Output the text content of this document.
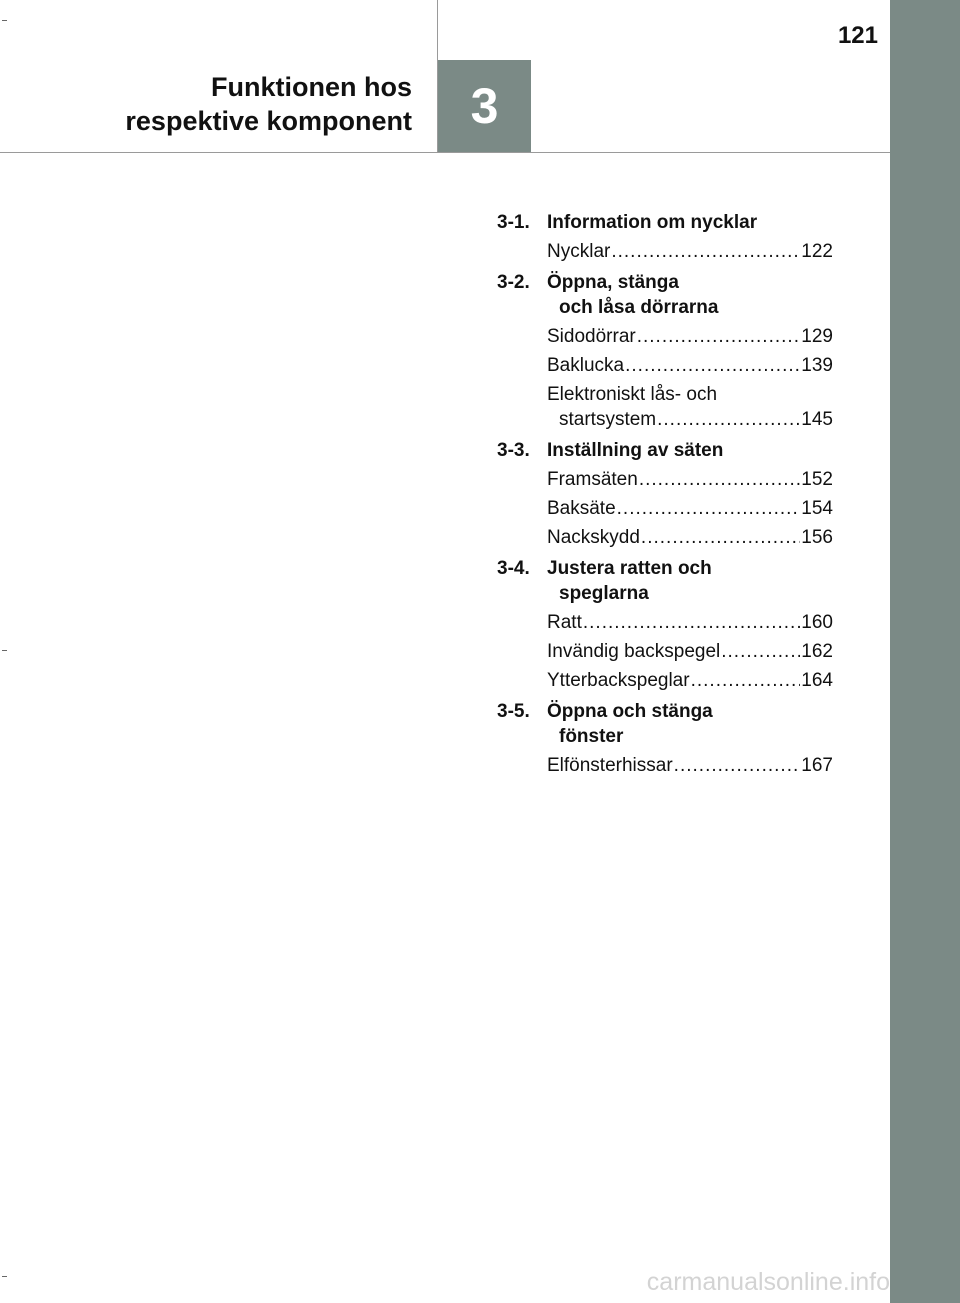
3
121
Funktionen hos
respektive komponent
3-1. Information om nycklar
Nycklar .....	122
3-2. Öppna, stänga
och låsa dörrarna
Sidodörrar .....	129
Baklucka .....	139
Elektroniskt lås- och
startsystem .....	145
3-3. Inställning av säten
Framsäten .....	152
Baksäte .....	154
Nackskydd .....	156
3-4. Justera ratten och
speglarna
Ratt .....	160
Invändig backspegel .....	162
Ytterbackspeglar .....	164
3-5. Öppna och stänga
fönster
Elfönsterhissar .....	167
carmanualsonline.info
